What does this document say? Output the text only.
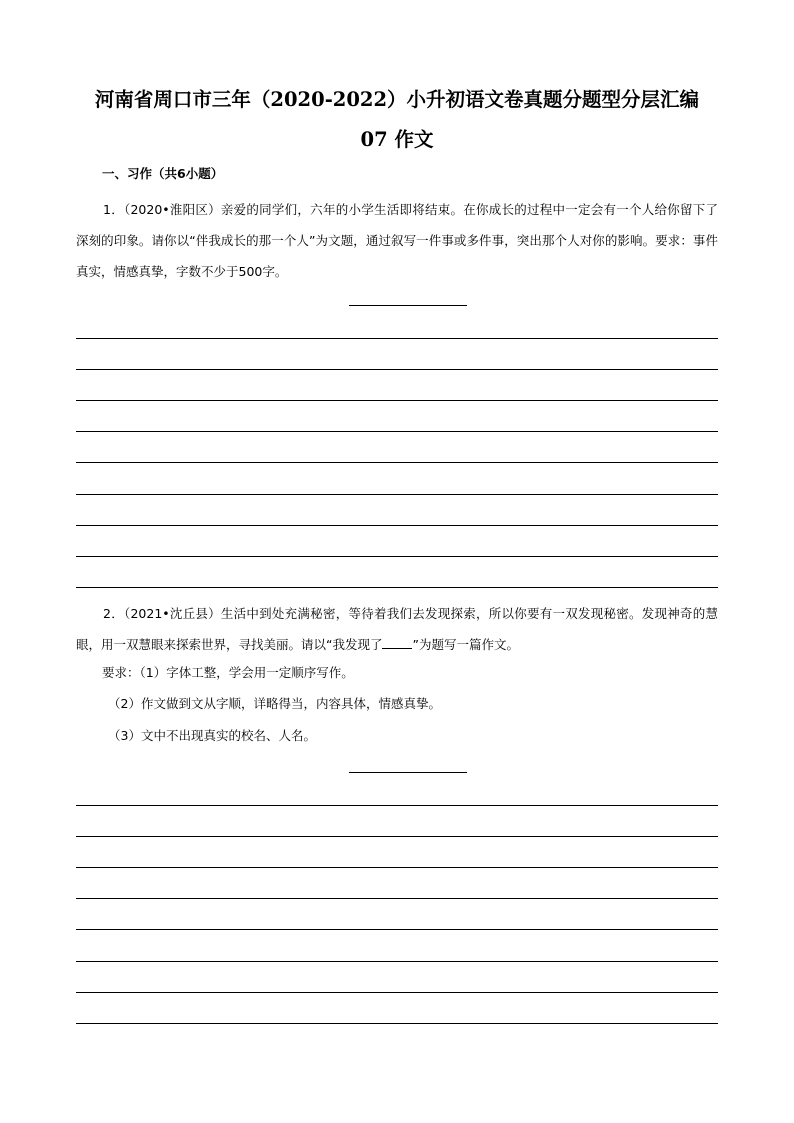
河南省周口市三年（2020-2022）小升初语文卷真题分题型分层汇编
07 作文
一、习作（共6小题）
1．（2020•淮阳区）亲爱的同学们，六年的小学生活即将结束。在你成长的过程中一定会有一个人给你留下了深刻的印象。请你以“伴我成长的那一个人”为文题，通过叙写一件事或多件事，突出那个人对你的影响。要求：事件真实，情感真挚，字数不少于500字。
2．（2021•沈丘县）生活中到处充满秘密，等待着我们去发现探索，所以你要有一双发现秘密。发现神奇的慧眼，用一双慧眼来探索世界，寻找美丽。请以“我发现了 ”为题写一篇作文。
要求：（1）字体工整，学会用一定顺序写作。
（2）作文做到文从字顺，详略得当，内容具体，情感真挚。
（3）文中不出现真实的校名、人名。
